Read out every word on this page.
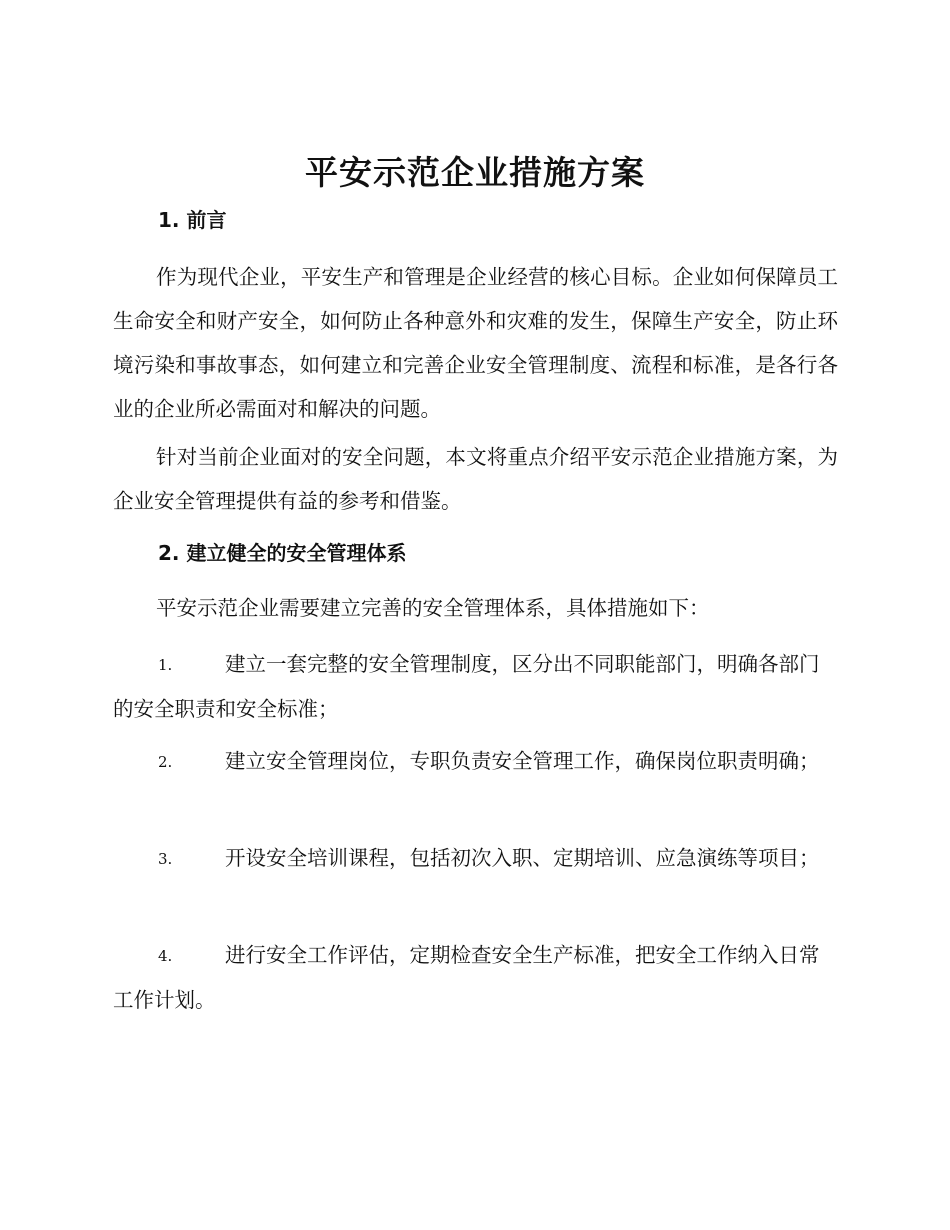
平安示范企业措施方案
1. 前言

作为现代企业，平安生产和管理是企业经营的核心目标。企业如何保障员工生命安全和财产安全，如何防止各种意外和灾难的发生，保障生产安全，防止环境污染和事故事态，如何建立和完善企业安全管理制度、流程和标准，是各行各业的企业所必需面对和解决的问题。

针对当前企业面对的安全问题，本文将重点介绍平安示范企业措施方案，为企业安全管理提供有益的参考和借鉴。

2. 建立健全的安全管理体系

平安示范企业需要建立完善的安全管理体系，具体措施如下：

1.	建立一套完整的安全管理制度，区分出不同职能部门，明确各部门的安全职责和安全标准；
2.	建立安全管理岗位，专职负责安全管理工作，确保岗位职责明确；
3.	开设安全培训课程，包括初次入职、定期培训、应急演练等项目；
4.	进行安全工作评估，定期检查安全生产标准，把安全工作纳入日常工作计划。
